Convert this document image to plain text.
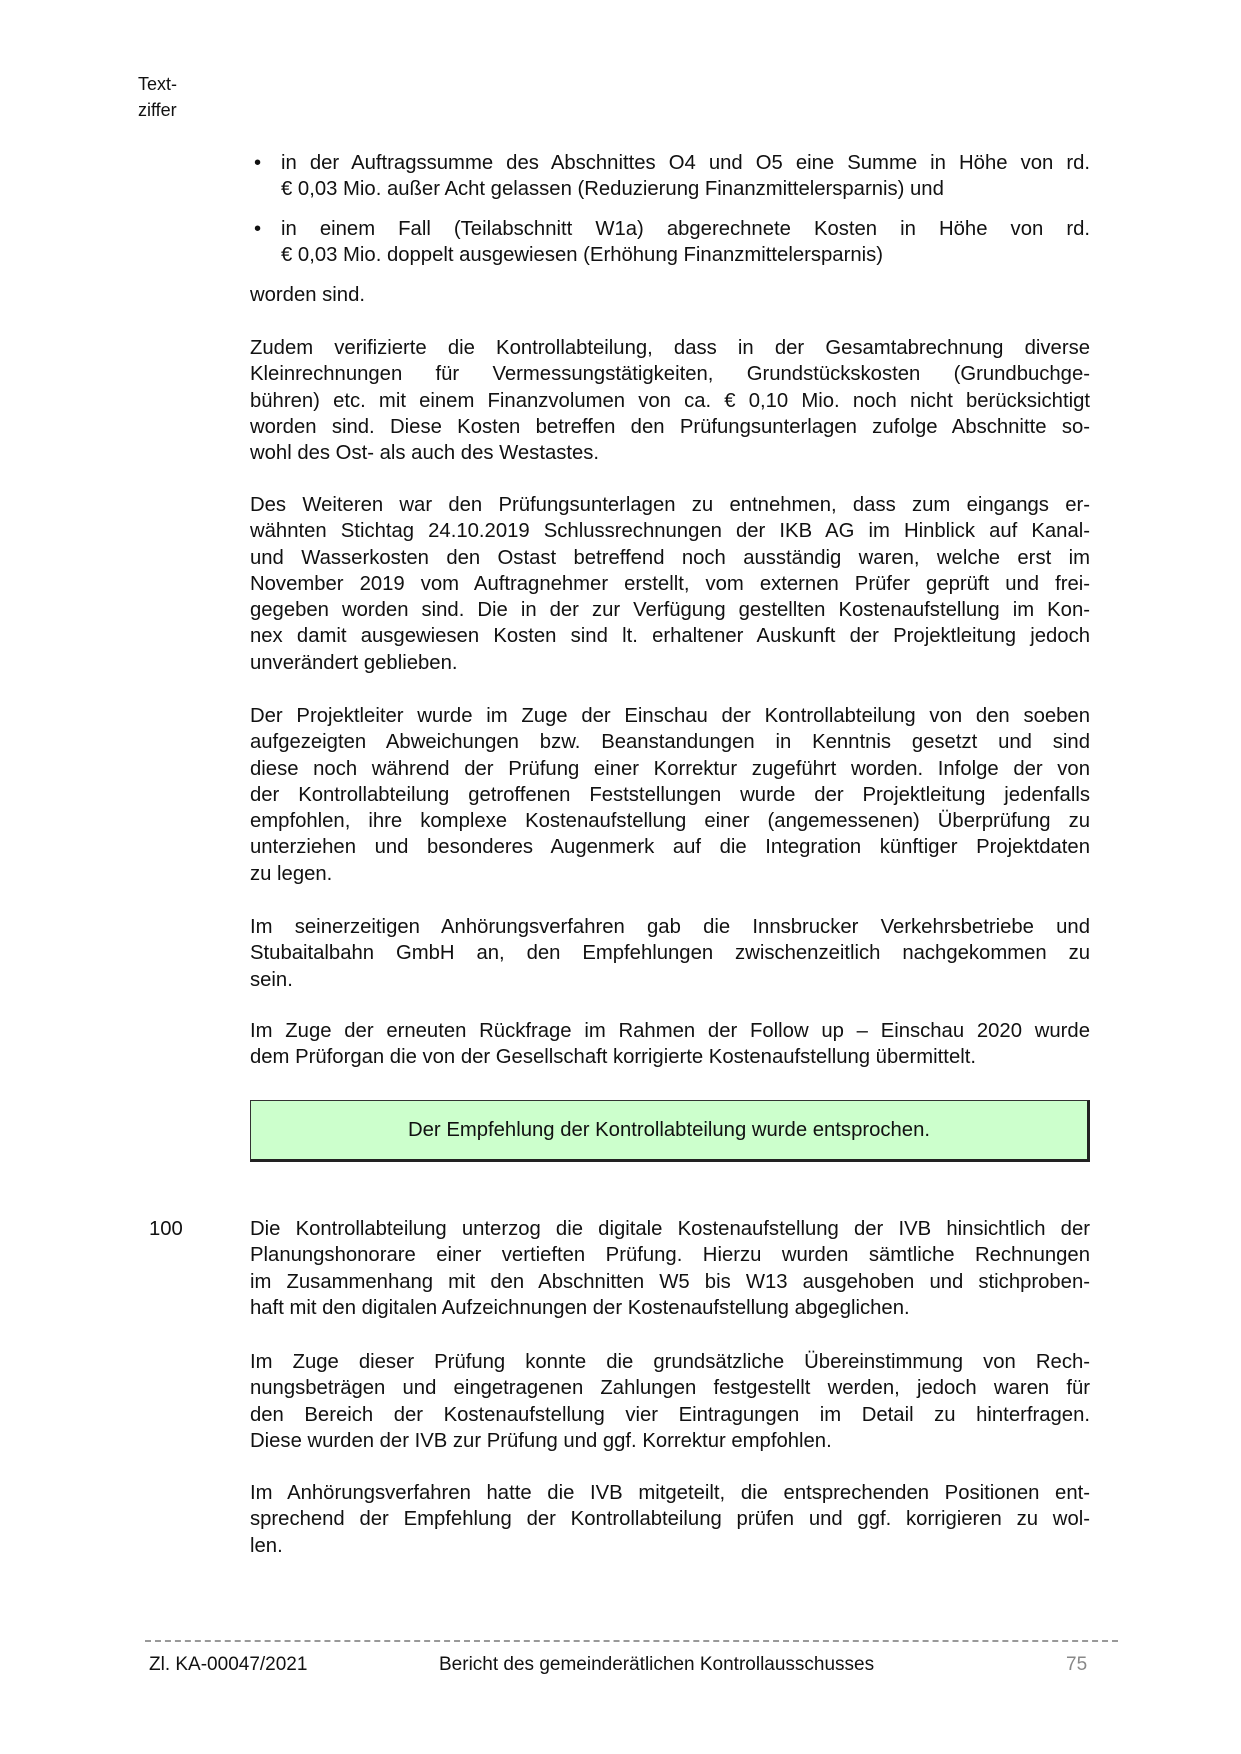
Text-
ziffer
• in der Auftragssumme des Abschnittes O4 und O5 eine Summe in Höhe von rd.
€ 0,03 Mio. außer Acht gelassen (Reduzierung Finanzmittelersparnis) und
• in einem Fall (Teilabschnitt W1a) abgerechnete Kosten in Höhe von rd.
€ 0,03 Mio. doppelt ausgewiesen (Erhöhung Finanzmittelersparnis)
worden sind.
Zudem verifizierte die Kontrollabteilung, dass in der Gesamtabrechnung diverse
Kleinrechnungen für Vermessungstätigkeiten, Grundstückskosten (Grundbuchge-
bühren) etc. mit einem Finanzvolumen von ca. € 0,10 Mio. noch nicht berücksichtigt
worden sind. Diese Kosten betreffen den Prüfungsunterlagen zufolge Abschnitte so-
wohl des Ost- als auch des Westastes.
Des Weiteren war den Prüfungsunterlagen zu entnehmen, dass zum eingangs er-
wähnten Stichtag 24.10.2019 Schlussrechnungen der IKB AG im Hinblick auf Kanal-
und Wasserkosten den Ostast betreffend noch ausständig waren, welche erst im
November 2019 vom Auftragnehmer erstellt, vom externen Prüfer geprüft und frei-
gegeben worden sind. Die in der zur Verfügung gestellten Kostenaufstellung im Kon-
nex damit ausgewiesen Kosten sind lt. erhaltener Auskunft der Projektleitung jedoch
unverändert geblieben.
Der Projektleiter wurde im Zuge der Einschau der Kontrollabteilung von den soeben
aufgezeigten Abweichungen bzw. Beanstandungen in Kenntnis gesetzt und sind
diese noch während der Prüfung einer Korrektur zugeführt worden. Infolge der von
der Kontrollabteilung getroffenen Feststellungen wurde der Projektleitung jedenfalls
empfohlen, ihre komplexe Kostenaufstellung einer (angemessenen) Überprüfung zu
unterziehen und besonderes Augenmerk auf die Integration künftiger Projektdaten
zu legen.
Im seinerzeitigen Anhörungsverfahren gab die Innsbrucker Verkehrsbetriebe und
Stubaitalbahn GmbH an, den Empfehlungen zwischenzeitlich nachgekommen zu
sein.
Im Zuge der erneuten Rückfrage im Rahmen der Follow up – Einschau 2020 wurde
dem Prüforgan die von der Gesellschaft korrigierte Kostenaufstellung übermittelt.
Die Kontrollabteilung unterzog die digitale Kostenaufstellung der IVB hinsichtlich der
Planungshonorare einer vertieften Prüfung. Hierzu wurden sämtliche Rechnungen
im Zusammenhang mit den Abschnitten W5 bis W13 ausgehoben und stichproben-
haft mit den digitalen Aufzeichnungen der Kostenaufstellung abgeglichen.
Im Zuge dieser Prüfung konnte die grundsätzliche Übereinstimmung von Rech-
nungsbeträgen und eingetragenen Zahlungen festgestellt werden, jedoch waren für
den Bereich der Kostenaufstellung vier Eintragungen im Detail zu hinterfragen.
Diese wurden der IVB zur Prüfung und ggf. Korrektur empfohlen.
Im Anhörungsverfahren hatte die IVB mitgeteilt, die entsprechenden Positionen ent-
sprechend der Empfehlung der Kontrollabteilung prüfen und ggf. korrigieren zu wol-
len.
Der Empfehlung der Kontrollabteilung wurde entsprochen.
100
Zl. KA-00047/2021	Bericht des gemeinderätlichen Kontrollausschusses	75
